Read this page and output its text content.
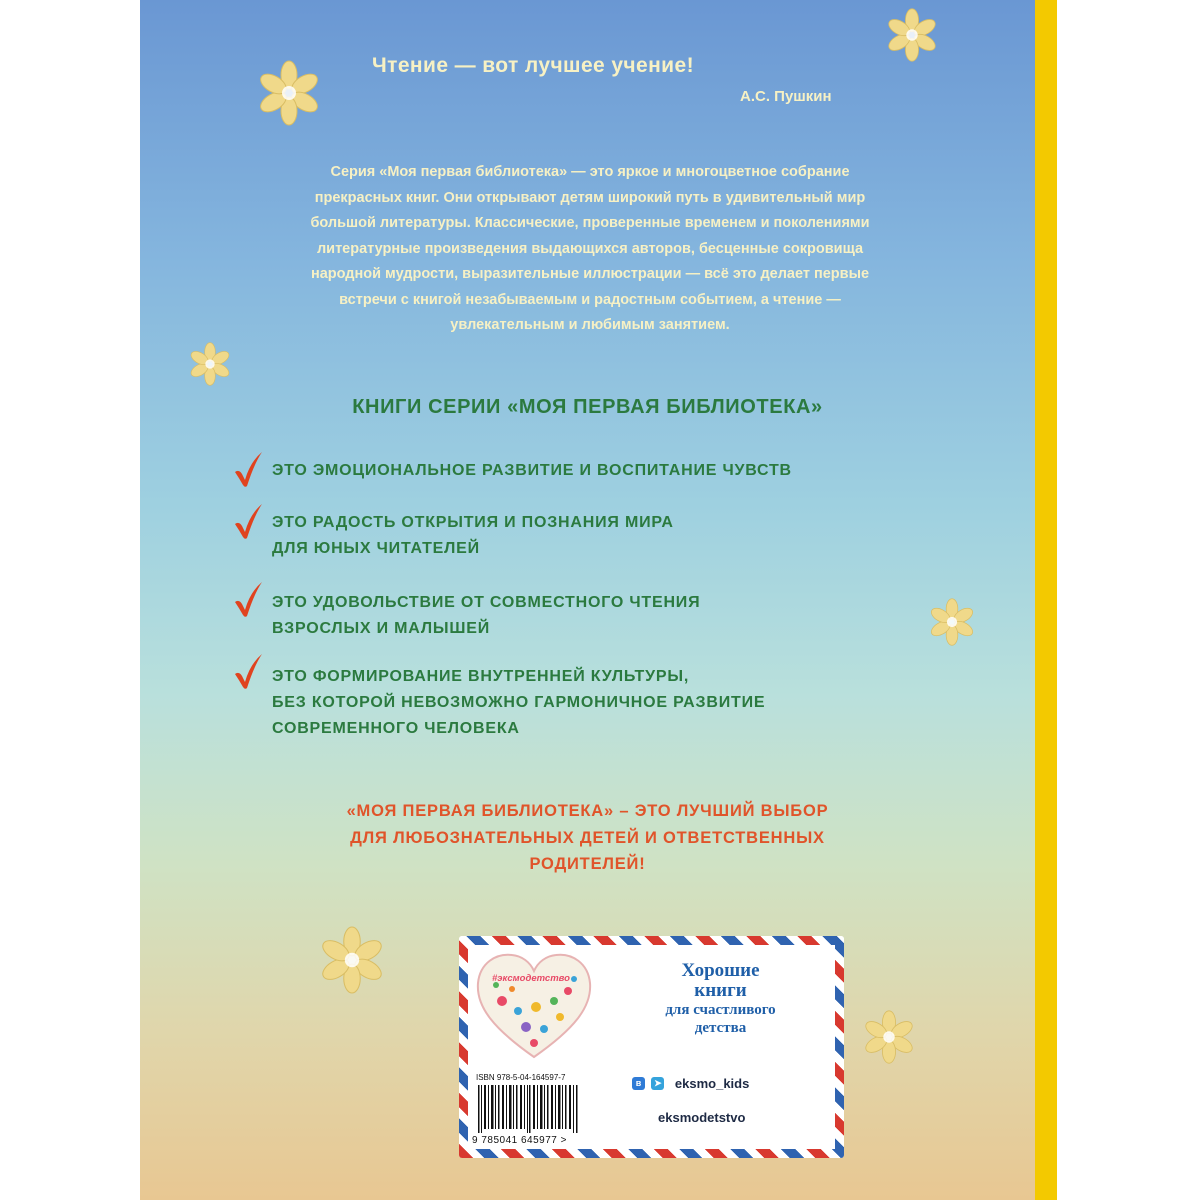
Чтение — вот лучшее учение!
А.С. Пушкин
Серия «Моя первая библиотека» — это яркое и многоцветное собрание
прекрасных книг. Они открывают детям широкий путь в удивительный мир
большой литературы. Классические, проверенные временем и поколениями
литературные произведения выдающихся авторов, бесценные сокровища
народной мудрости, выразительные иллюстрации — всё это делает первые
встречи с книгой незабываемым и радостным событием, а чтение —
увлекательным и любимым занятием.
КНИГИ СЕРИИ «МОЯ ПЕРВАЯ БИБЛИОТЕКА»
ЭТО ЭМОЦИОНАЛЬНОЕ РАЗВИТИЕ И ВОСПИТАНИЕ ЧУВСТВ
ЭТО РАДОСТЬ ОТКРЫТИЯ И ПОЗНАНИЯ МИРА
ДЛЯ ЮНЫХ ЧИТАТЕЛЕЙ
ЭТО УДОВОЛЬСТВИЕ ОТ СОВМЕСТНОГО ЧТЕНИЯ
ВЗРОСЛЫХ И МАЛЫШЕЙ
ЭТО ФОРМИРОВАНИЕ ВНУТРЕННЕЙ КУЛЬТУРЫ,
БЕЗ КОТОРОЙ НЕВОЗМОЖНО ГАРМОНИЧНОЕ РАЗВИТИЕ
СОВРЕМЕННОГО ЧЕЛОВЕКА
«МОЯ ПЕРВАЯ БИБЛИОТЕКА» – ЭТО ЛУЧШИЙ ВЫБОР
ДЛЯ ЛЮБОЗНАТЕЛЬНЫХ ДЕТЕЙ И ОТВЕТСТВЕННЫХ
РОДИТЕЛЕЙ!
#эксмодетство	Хорошие
книги
для счастливого
детства
ISBN 978-5-04-164597-7
9 785041 645977 >
в ➤ eksmo_kids
eksmodetstvo
